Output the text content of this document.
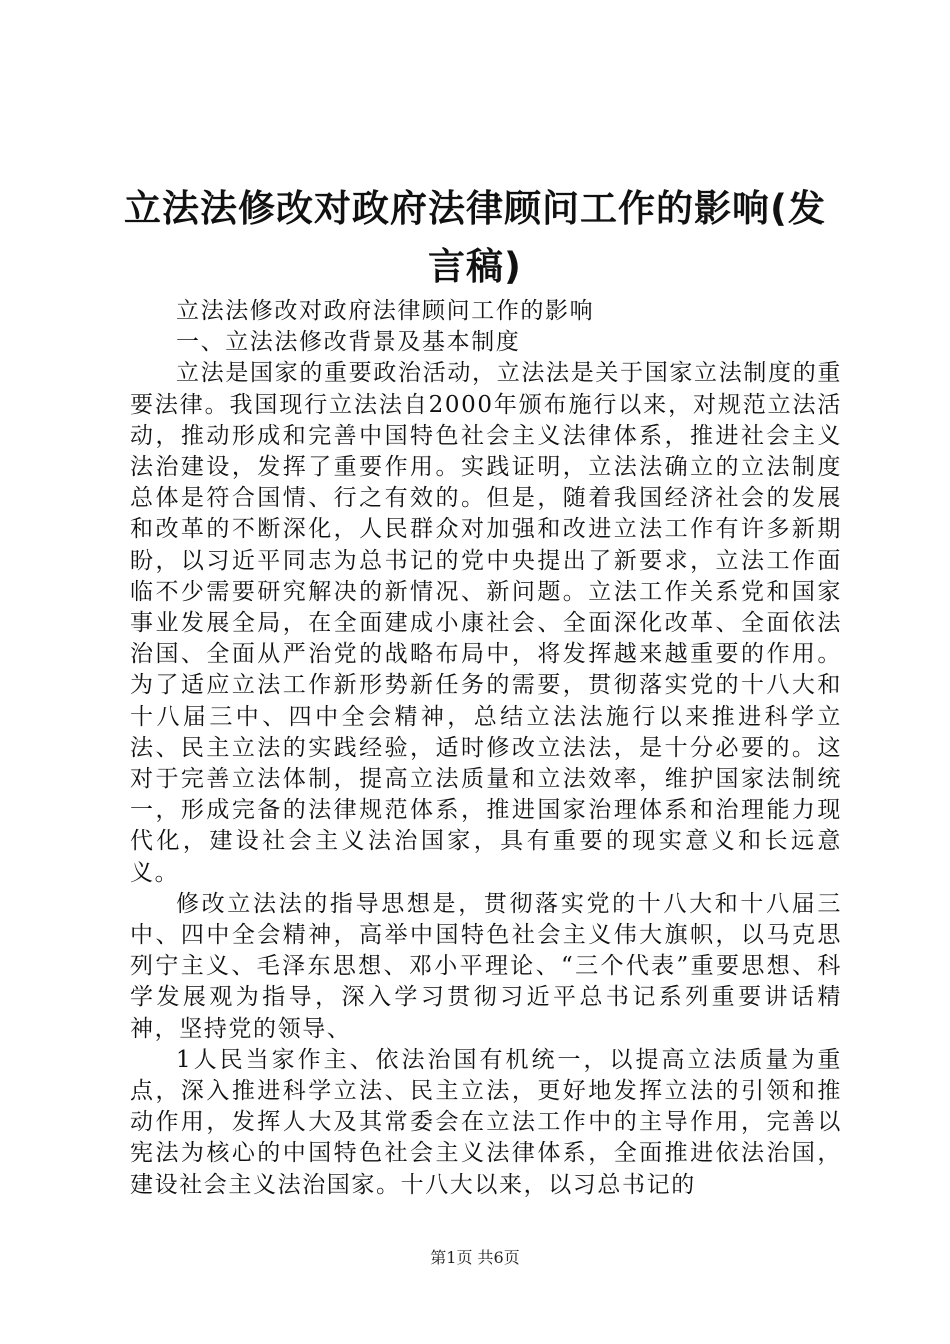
立法法修改对政府法律顾问工作的影响(发言稿)

立法法修改对政府法律顾问工作的影响

一、立法法修改背景及基本制度

立法是国家的重要政治活动，立法法是关于国家立法制度的重要法律。我国现行立法法自2000年颁布施行以来，对规范立法活动，推动形成和完善中国特色社会主义法律体系，推进社会主义法治建设，发挥了重要作用。实践证明，立法法确立的立法制度总体是符合国情、行之有效的。但是，随着我国经济社会的发展和改革的不断深化，人民群众对加强和改进立法工作有许多新期盼，以习近平同志为总书记的党中央提出了新要求，立法工作面临不少需要研究解决的新情况、新问题。立法工作关系党和国家事业发展全局，在全面建成小康社会、全面深化改革、全面依法治国、全面从严治党的战略布局中，将发挥越来越重要的作用。为了适应立法工作新形势新任务的需要，贯彻落实党的十八大和十八届三中、四中全会精神，总结立法法施行以来推进科学立法、民主立法的实践经验，适时修改立法法，是十分必要的。这对于完善立法体制，提高立法质量和立法效率，维护国家法制统一，形成完备的法律规范体系，推进国家治理体系和治理能力现代化，建设社会主义法治国家，具有重要的现实意义和长远意义。

修改立法法的指导思想是，贯彻落实党的十八大和十八届三中、四中全会精神，高举中国特色社会主义伟大旗帜，以马克思列宁主义、毛泽东思想、邓小平理论、“三个代表”重要思想、科学发展观为指导，深入学习贯彻习近平总书记系列重要讲话精神，坚持党的领导、

1人民当家作主、依法治国有机统一，以提高立法质量为重点，深入推进科学立法、民主立法，更好地发挥立法的引领和推动作用，发挥人大及其常委会在立法工作中的主导作用，完善以宪法为核心的中国特色社会主义法律体系，全面推进依法治国，建设社会主义法治国家。十八大以来，以习总书记的

第1页 共6页
